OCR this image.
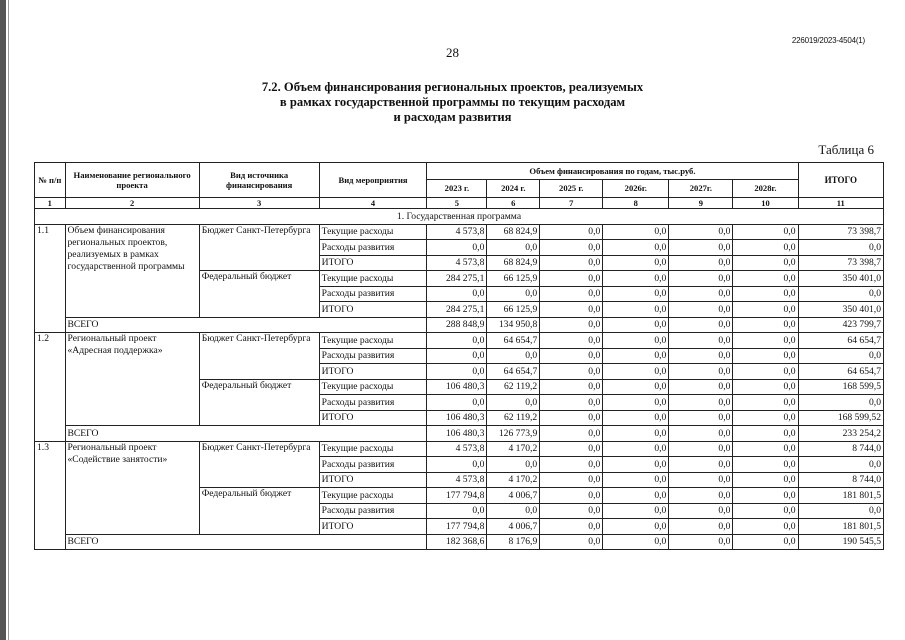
226019/2023-4504(1)
28
7.2. Объем финансирования региональных проектов, реализуемых
в рамках государственной программы по текущим расходам
и расходам развития
Таблица 6
№ п/п	Наименование регионального проекта	Вид источника финансирования	Вид мероприятия	Объем финансирования по годам, тыс.руб.						ИТОГО
				2023 г.	2024 г.	2025 г.	2026г.	2027г.	2028г.	
1	2	3	4	5	6	7	8	9	10	11
1. Государственная программа										
1.1	Объем финансирования региональных проектов, реализуемых в рамках государственной программы	Бюджет Санкт-Петербурга	Текущие расходы	4 573,8	68 824,9	0,0	0,0	0,0	0,0	73 398,7
			Расходы развития	0,0	0,0	0,0	0,0	0,0	0,0	0,0
			ИТОГО	4 573,8	68 824,9	0,0	0,0	0,0	0,0	73 398,7
		Федеральный бюджет	Текущие расходы	284 275,1	66 125,9	0,0	0,0	0,0	0,0	350 401,0
			Расходы развития	0,0	0,0	0,0	0,0	0,0	0,0	0,0
			ИТОГО	284 275,1	66 125,9	0,0	0,0	0,0	0,0	350 401,0
	ВСЕГО			288 848,9	134 950,8	0,0	0,0	0,0	0,0	423 799,7
1.2	Региональный проект «Адресная поддержка»	Бюджет Санкт-Петербурга	Текущие расходы	0,0	64 654,7	0,0	0,0	0,0	0,0	64 654,7
			Расходы развития	0,0	0,0	0,0	0,0	0,0	0,0	0,0
			ИТОГО	0,0	64 654,7	0,0	0,0	0,0	0,0	64 654,7
		Федеральный бюджет	Текущие расходы	106 480,3	62 119,2	0,0	0,0	0,0	0,0	168 599,5
			Расходы развития	0,0	0,0	0,0	0,0	0,0	0,0	0,0
			ИТОГО	106 480,3	62 119,2	0,0	0,0	0,0	0,0	168 599,52
	ВСЕГО			106 480,3	126 773,9	0,0	0,0	0,0	0,0	233 254,2
1.3	Региональный проект «Содействие занятости»	Бюджет Санкт-Петербурга	Текущие расходы	4 573,8	4 170,2	0,0	0,0	0,0	0,0	8 744,0
			Расходы развития	0,0	0,0	0,0	0,0	0,0	0,0	0,0
			ИТОГО	4 573,8	4 170,2	0,0	0,0	0,0	0,0	8 744,0
		Федеральный бюджет	Текущие расходы	177 794,8	4 006,7	0,0	0,0	0,0	0,0	181 801,5
			Расходы развития	0,0	0,0	0,0	0,0	0,0	0,0	0,0
			ИТОГО	177 794,8	4 006,7	0,0	0,0	0,0	0,0	181 801,5
	ВСЕГО			182 368,6	8 176,9	0,0	0,0	0,0	0,0	190 545,5
